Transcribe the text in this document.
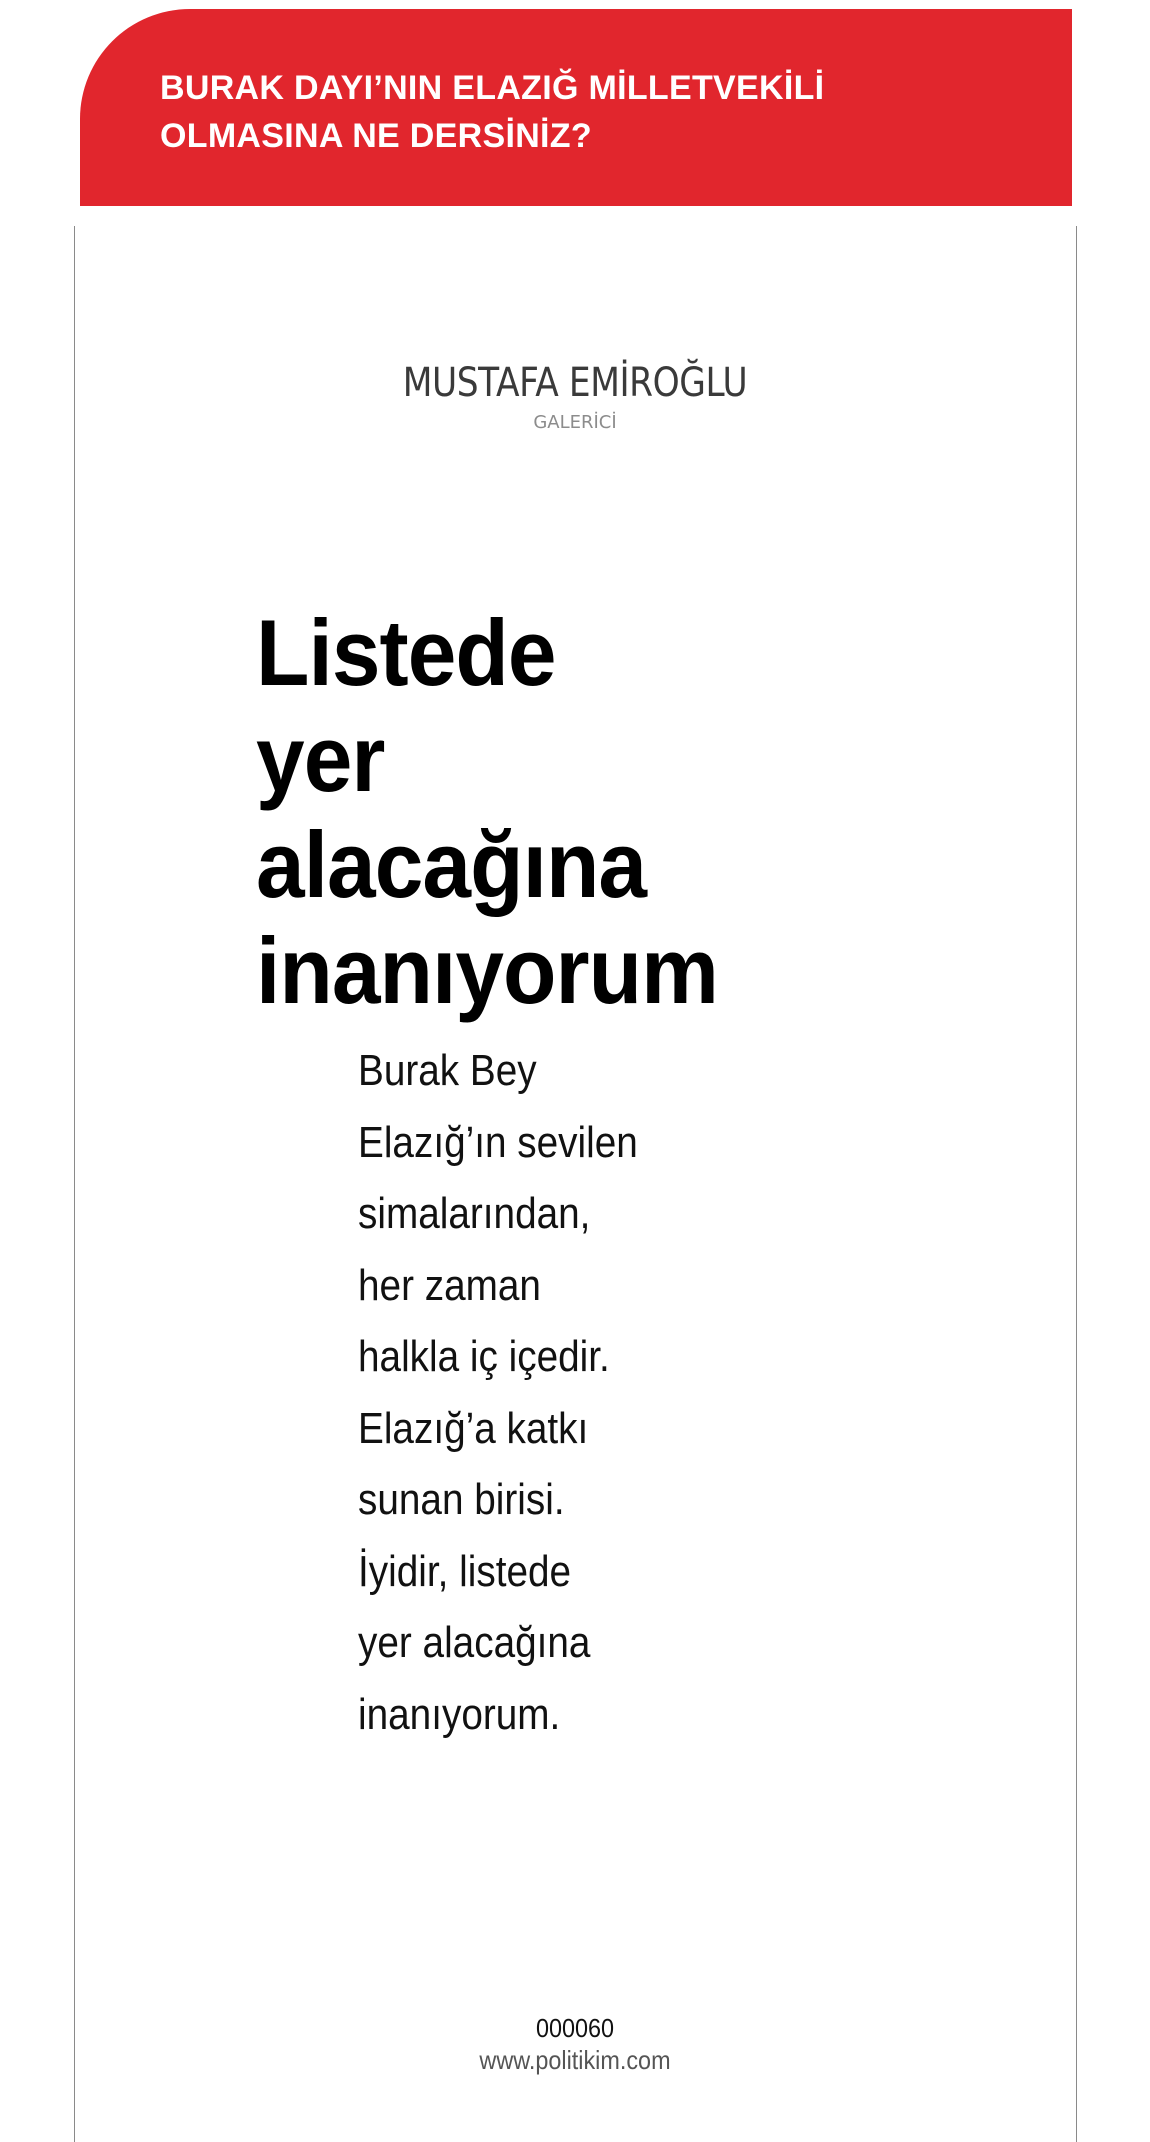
BURAK DAYI’NIN ELAZIĞ MİLLETVEKİLİ
OLMASINA NE DERSİNİZ?
MUSTAFA EMİROĞLU
GALERİCİ
Listede
yer
alacağına
inanıyorum

Burak Bey
Elazığ’ın sevilen
simalarından,
her zaman
halkla iç içedir.
Elazığ’a katkı
sunan birisi.
İyidir, listede
yer alacağına
inanıyorum.

000060
www.politikim.com
